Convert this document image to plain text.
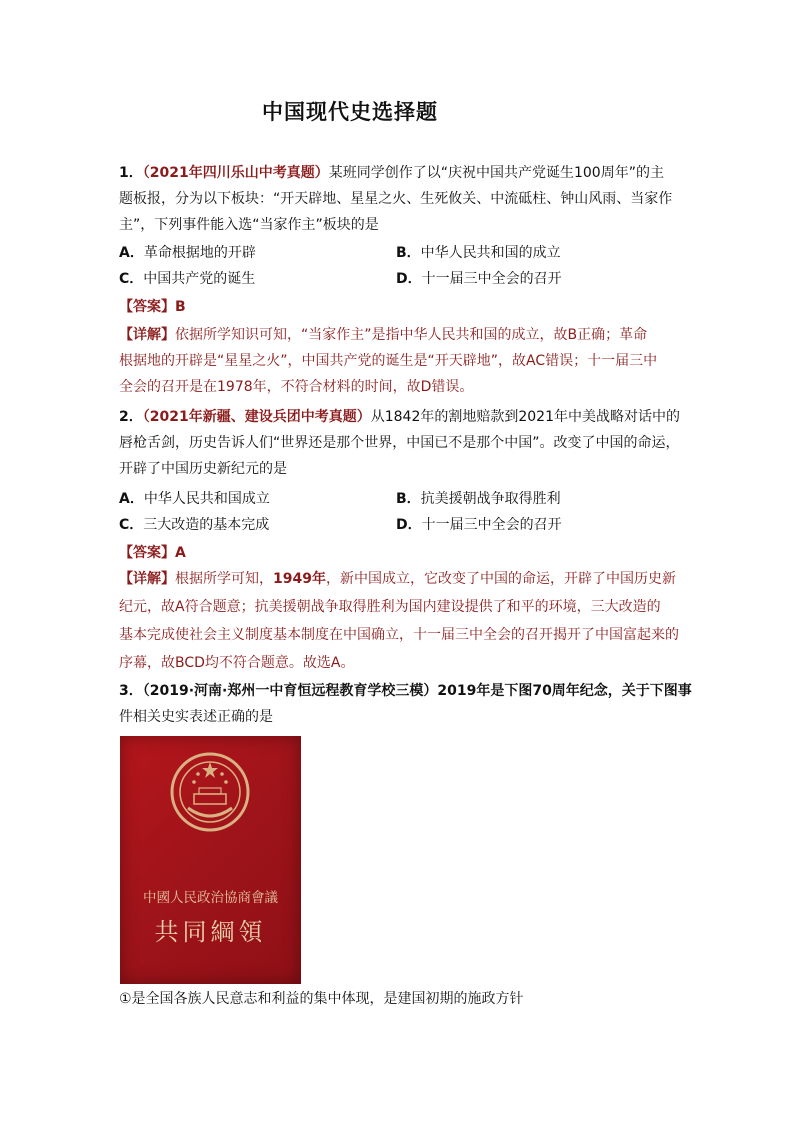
中国现代史选择题
1．（2021年四川乐山中考真题）某班同学创作了以“庆祝中国共产党诞生100周年”的主
题板报，分为以下板块：“开天辟地、星星之火、生死攸关、中流砥柱、钟山风雨、当家作
主”，下列事件能入选“当家作主”板块的是
A．革命根据地的开辟	B．中华人民共和国的成立
C．中国共产党的诞生	D．十一届三中全会的召开
【答案】B
【详解】依据所学知识可知，“当家作主”是指中华人民共和国的成立，故B正确；革命
根据地的开辟是“星星之火”，中国共产党的诞生是“开天辟地”，故AC错误；十一届三中
全会的召开是在1978年，不符合材料的时间，故D错误。
2．（2021年新疆、建设兵团中考真题）从1842年的割地赔款到2021年中美战略对话中的
唇枪舌剑，历史告诉人们“世界还是那个世界，中国已不是那个中国”。改变了中国的命运，
开辟了中国历史新纪元的是
A．中华人民共和国成立	B．抗美援朝战争取得胜利
C．三大改造的基本完成	D．十一届三中全会的召开
【答案】A
【详解】根据所学可知，1949年，新中国成立，它改变了中国的命运，开辟了中国历史新
纪元，故A符合题意；抗美援朝战争取得胜利为国内建设提供了和平的环境，三大改造的
基本完成使社会主义制度基本制度在中国确立，十一届三中全会的召开揭开了中国富起来的
序幕，故BCD均不符合题意。故选A。
3．（2019·河南·郑州一中育恒远程教育学校三模）2019年是下图70周年纪念，关于下图事
件相关史实表述正确的是
中國人民政治協商會議
共同綱領
①是全国各族人民意志和利益的集中体现，是建国初期的施政方针
